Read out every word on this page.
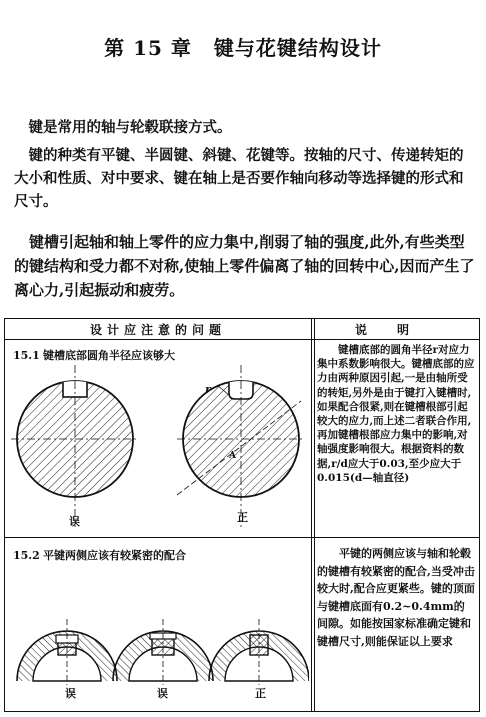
第 15 章 键与花键结构设计
键是常用的轴与轮毂联接方式。
键的种类有平键、半圆键、斜键、花键等。按轴的尺寸、传递转矩的大小和性质、对中要求、键在轴上是否要作轴向移动等选择键的形式和尺寸。
键槽引起轴和轴上零件的应力集中,削弱了轴的强度,此外,有些类型的键结构和受力都不对称,使轴上零件偏离了轴的回转中心,因而产生了离心力,引起振动和疲劳。
设计应注意的问题	说明
15.1 键槽底部圆角半径应该够大	键槽底部的圆角半径r对应力集中系数影响很大。键槽底部的应力由两种原因引起,一是由轴所受的转矩,另外是由于键打入键槽时,如果配合很紧,则在键槽根部引起较大的应力,而上述二者联合作用,再加键槽根部应力集中的影响,对轴强度影响很大。根据资料的数据,r/d应大于0.03,至少应大于0.015(d—轴直径)
r
A
误	正
15.2 平键两侧应该有较紧密的配合	平键的两侧应该与轴和轮毂的键槽有较紧密的配合,当受冲击较大时,配合应更紧些。键的顶面与键槽底面有0.2~0.4mm的间隙。如能按国家标准确定键和键槽尺寸,则能保证以上要求
误	误	正
